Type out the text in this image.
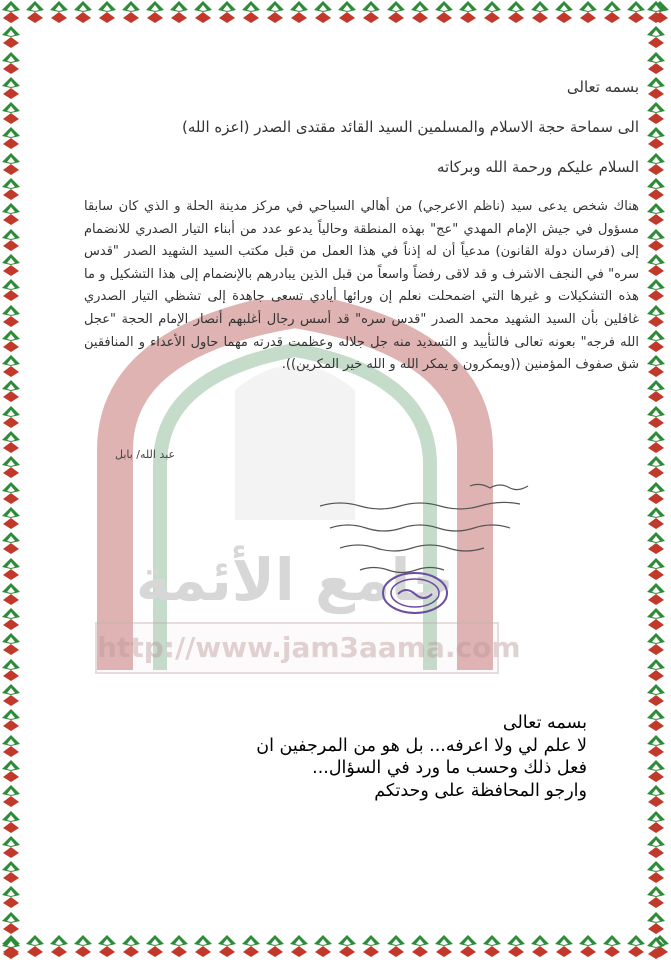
جامع الأئمة
http://www.jam3aama.com
بسمه تعالى
الى سماحة حجة الاسلام والمسلمين السيد القائد مقتدى الصدر (اعزه الله)
السلام عليكم ورحمة الله وبركاته
هناك شخص يدعى سيد (ناظم الاعرجي) من أهالي السياحي في مركز مدينة الحلة و الذي كان سابقا مسؤول في جيش الإمام المهدي "عج" بهذه المنطقة وحالياً يدعو عدد من أبناء التيار الصدري للانضمام إلى (فرسان دولة القانون) مدعياً أن له إذناً في هذا العمل من قبل مكتب السيد الشهيد الصدر "قدس سره" في النجف الاشرف و قد لاقى رفضاً واسعاً من قبل الذين يبادرهم بالإنضمام إلى هذا التشكيل و ما هذه التشكيلات و غيرها التي اضمحلت نعلم إن ورائها أيادي تسعى جاهدة إلى تشظي التيار الصدري غافلين بأن السيد الشهيد محمد الصدر "قدس سره" قد أسس رجال أغلبهم أنصار الإمام الحجة "عجل الله فرجه" بعونه تعالى فالتأييد و التسديد منه جل جلاله وعظمت قدرته مهما حاول الأعداء و المنافقين شق صفوف المؤمنين ((ويمكرون و يمكر الله و الله خير المكرين)).
عبد الله/ بابل
بسمه تعالى
لا علم لي ولا اعرفه... بل هو من المرجفين ان
فعل ذلك وحسب ما ورد في السؤال...
وارجو المحافظة على وحدتكم
